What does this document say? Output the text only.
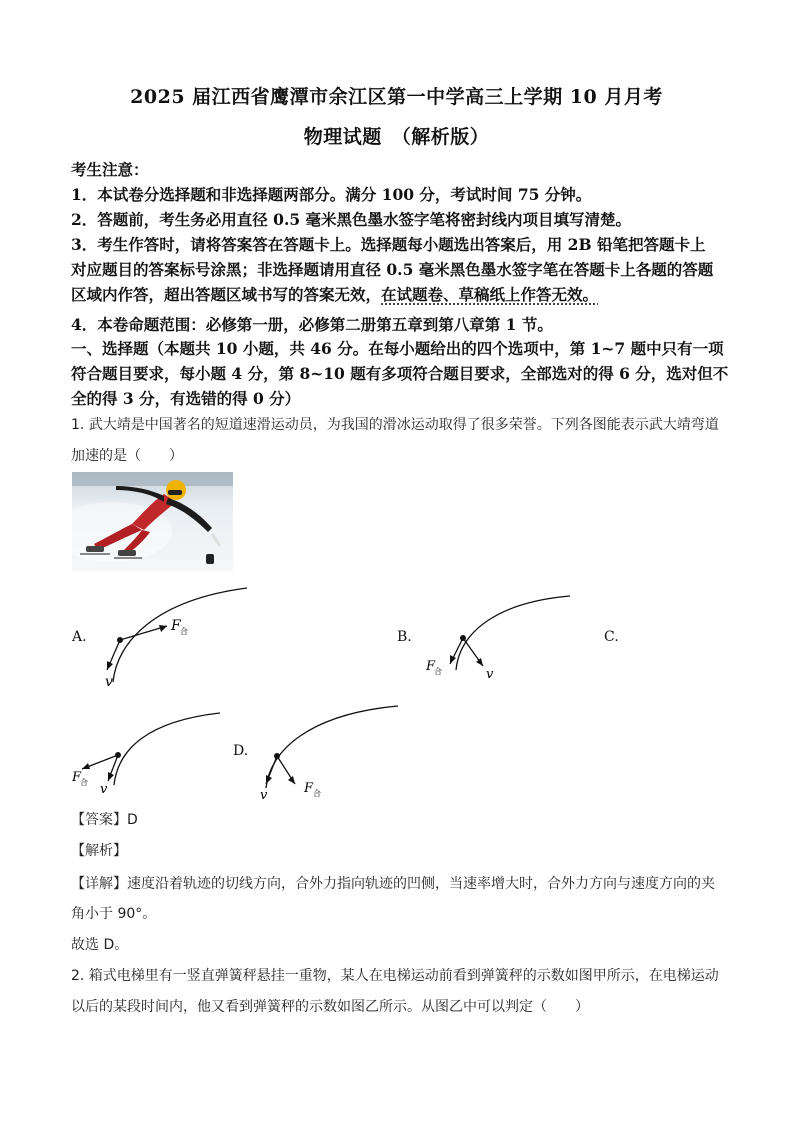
2025 届江西省鹰潭市余江区第一中学高三上学期 10 月月考
物理试题　（解析版）
考生注意：
1．本试卷分选择题和非选择题两部分。满分 100 分，考试时间 75 分钟。
2．答题前，考生务必用直径 0.5 毫米黑色墨水签字笔将密封线内项目填写清楚。
3．考生作答时，请将答案答在答题卡上。选择题每小题选出答案后，用 2B 铅笔把答题卡上
对应题目的答案标号涂黑；非选择题请用直径 0.5 毫米黑色墨水签字笔在答题卡上各题的答题
区域内作答，超出答题区域书写的答案无效，在试题卷、草稿纸上作答无效。
4．本卷命题范围：必修第一册，必修第二册第五章到第八章第 1 节。
一、选择题（本题共 10 小题，共 46 分。在每小题给出的四个选项中，第 1~7 题中只有一项
符合题目要求，每小题 4 分，第 8~10 题有多项符合题目要求，全部选对的得 6 分，选对但不
全的得 3 分，有选错的得 0 分）
1. 武大靖是中国著名的短道速滑运动员，为我国的滑冰运动取得了很多荣誉。下列各图能表示武大靖弯道
加速的是（　　）
A.
F 合
v
B.
F
合	v
C.
F
合 v
D.
v	F 合
【答案】D
【解析】
【详解】速度沿着轨迹的切线方向，合外力指向轨迹的凹侧，当速率增大时，合外力方向与速度方向的夹
角小于 90°。
故选 D。
2. 箱式电梯里有一竖直弹簧秤悬挂一重物，某人在电梯运动前看到弹簧秤的示数如图甲所示，在电梯运动
以后的某段时间内，他又看到弹簧秤的示数如图乙所示。从图乙中可以判定（　　）
